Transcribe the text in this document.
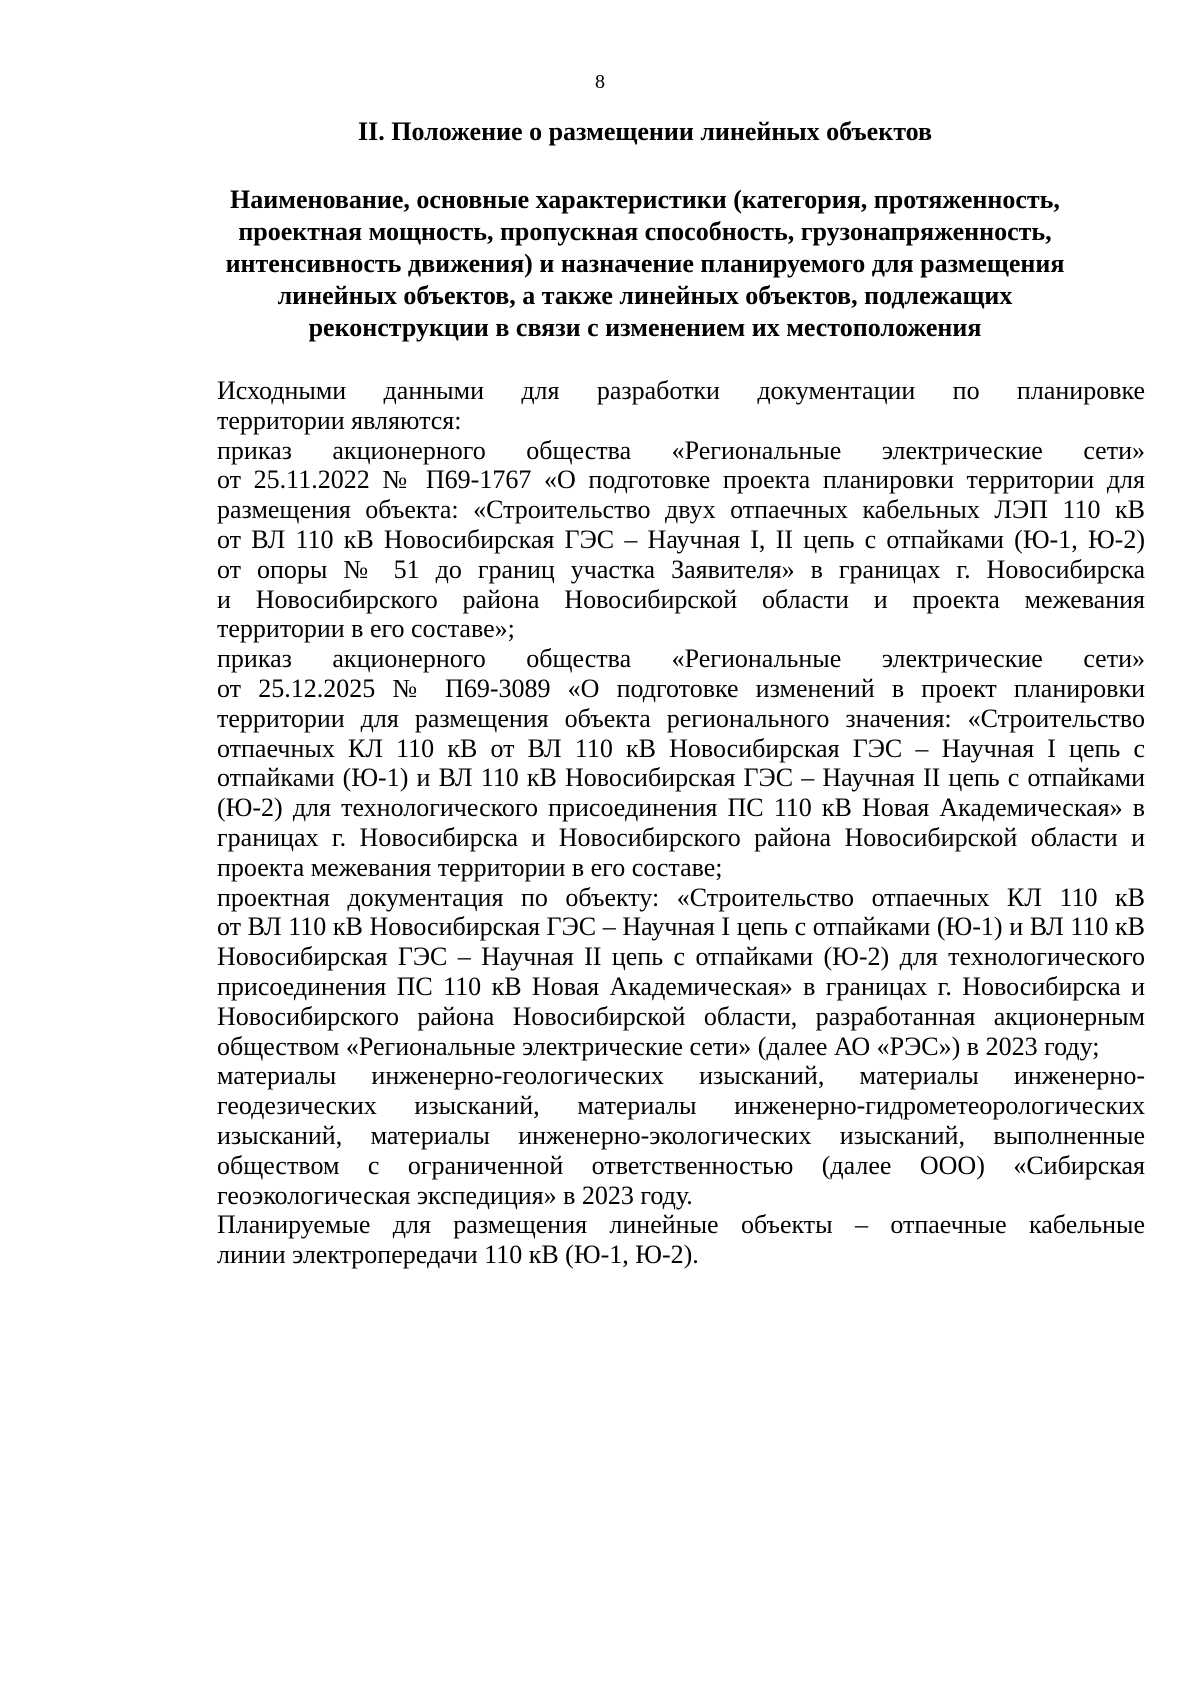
8
II. Положение о размещении линейных объектов
Наименование, основные характеристики (категория, протяженность,
проектная мощность, пропускная способность, грузонапряженность,
интенсивность движения) и назначение планируемого для размещения
линейных объектов, а также линейных объектов, подлежащих
реконструкции в связи с изменением их местоположения

Исходными данными для разработки документации по планировке
территории являются:

приказ акционерного общества «Региональные электрические сети»
от 25.11.2022 № П69-1767 «О подготовке проекта планировки территории для
размещения объекта: «Строительство двух отпаечных кабельных ЛЭП 110 кВ
от ВЛ 110 кВ Новосибирская ГЭС – Научная I, II цепь с отпайками (Ю-1, Ю-2)
от опоры № 51 до границ участка Заявителя» в границах г. Новосибирска
и Новосибирского района Новосибирской области и проекта межевания
территории в его составе»;

приказ акционерного общества «Региональные электрические сети»
от 25.12.2025 № П69-3089 «О подготовке изменений в проект планировки
территории для размещения объекта регионального значения: «Строительство
отпаечных КЛ 110 кВ от ВЛ 110 кВ Новосибирская ГЭС – Научная I цепь с
отпайками (Ю-1) и ВЛ 110 кВ Новосибирская ГЭС – Научная II цепь с отпайками
(Ю-2) для технологического присоединения ПС 110 кВ Новая Академическая» в
границах г. Новосибирска и Новосибирского района Новосибирской области и
проекта межевания территории в его составе;

проектная документация по объекту: «Строительство отпаечных КЛ 110 кВ
от ВЛ 110 кВ Новосибирская ГЭС – Научная I цепь с отпайками (Ю-1) и ВЛ 110 кВ
Новосибирская ГЭС – Научная II цепь с отпайками (Ю-2) для технологического
присоединения ПС 110 кВ Новая Академическая» в границах г. Новосибирска и
Новосибирского района Новосибирской области, разработанная акционерным
обществом «Региональные электрические сети» (далее АО «РЭС») в 2023 году;

материалы инженерно-геологических изысканий, материалы инженерно-
геодезических изысканий, материалы инженерно-гидрометеорологических
изысканий, материалы инженерно-экологических изысканий, выполненные
обществом с ограниченной ответственностью (далее ООО) «Сибирская
геоэкологическая экспедиция» в 2023 году.

Планируемые для размещения линейные объекты – отпаечные кабельные
линии электропередачи 110 кВ (Ю-1, Ю-2).
